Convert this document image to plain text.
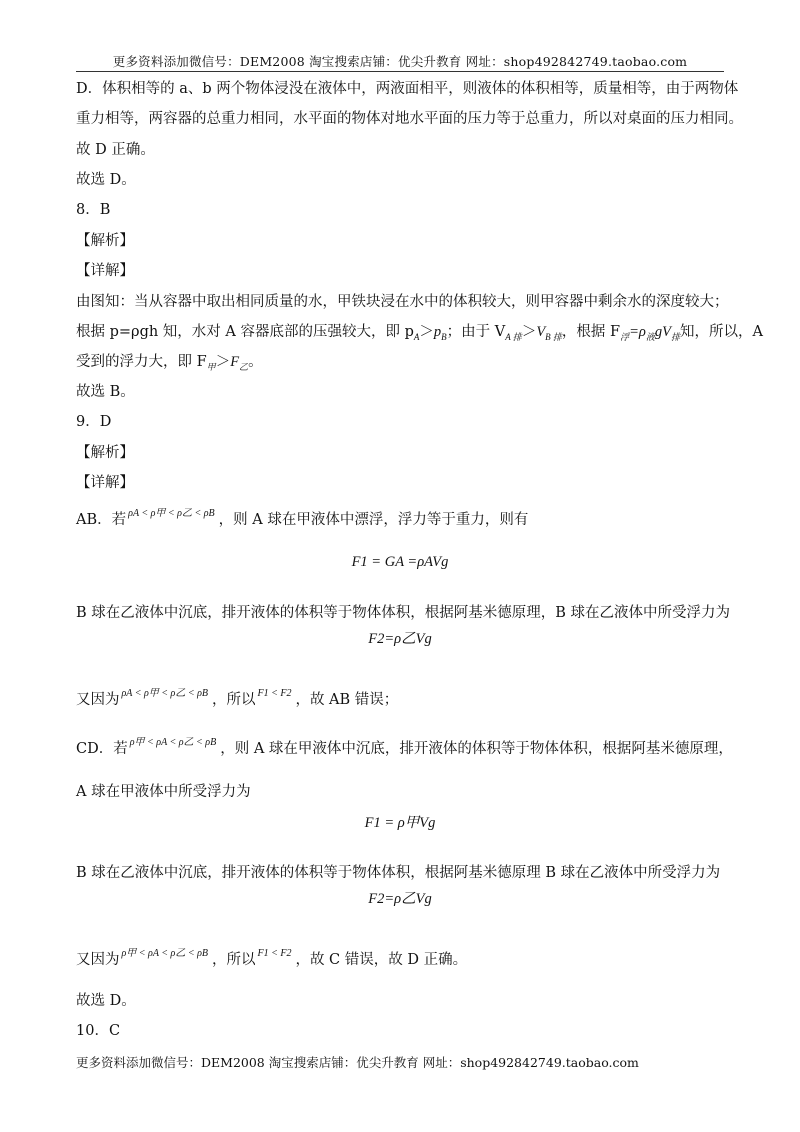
更多资料添加微信号：DEM2008 淘宝搜索店铺：优尖升教育 网址：shop492842749.taobao.com
D．体积相等的 a、b 两个物体浸没在液体中，两液面相平，则液体的体积相等，质量相等，由于两物体
重力相等，两容器的总重力相同，水平面的物体对地水平面的压力等于总重力，所以对桌面的压力相同。
故 D 正确。
故选 D。
8．B
【解析】
【详解】
由图知：当从容器中取出相同质量的水，甲铁块浸在水中的体积较大，则甲容器中剩余水的深度较大；
根据 p=ρgh 知，水对 A 容器底部的压强较大，即 $p_A>p_B$；由于 $V_{A 排}>V_{B 排}$，根据 $F_浮=\rho_液gV_排$知，所以，A
受到的浮力大，即 $F_甲>F_乙$。
故选 B。
9．D
【解析】
【详解】
AB．若 $^{\rho A < \rho 甲 < \rho 乙 < \rho B}$ ，则 A 球在甲液体中漂浮，浮力等于重力，则有
F1 = GA =ρAVg
B 球在乙液体中沉底，排开液体的体积等于物体体积，根据阿基米德原理，B 球在乙液体中所受浮力为
F2=ρ乙Vg
又因为 $^{\rho A < \rho 甲 < \rho 乙 < \rho B}$ ，所以 $^{F1 < F2}$ ，故 AB 错误；
CD．若 $^{\rho 甲 < \rho A < \rho 乙 < \rho B}$ ，则 A 球在甲液体中沉底，排开液体的体积等于物体体积，根据阿基米德原理，
A 球在甲液体中所受浮力为
F1 = ρ甲Vg
B 球在乙液体中沉底，排开液体的体积等于物体体积，根据阿基米德原理 B 球在乙液体中所受浮力为
F2=ρ乙Vg
又因为 $^{\rho 甲 < \rho A < \rho 乙 < \rho B}$ ，所以 $^{F1 < F2}$ ，故 C 错误，故 D 正确。
故选 D。
10．C
更多资料添加微信号：DEM2008 淘宝搜索店铺：优尖升教育 网址：shop492842749.taobao.com
